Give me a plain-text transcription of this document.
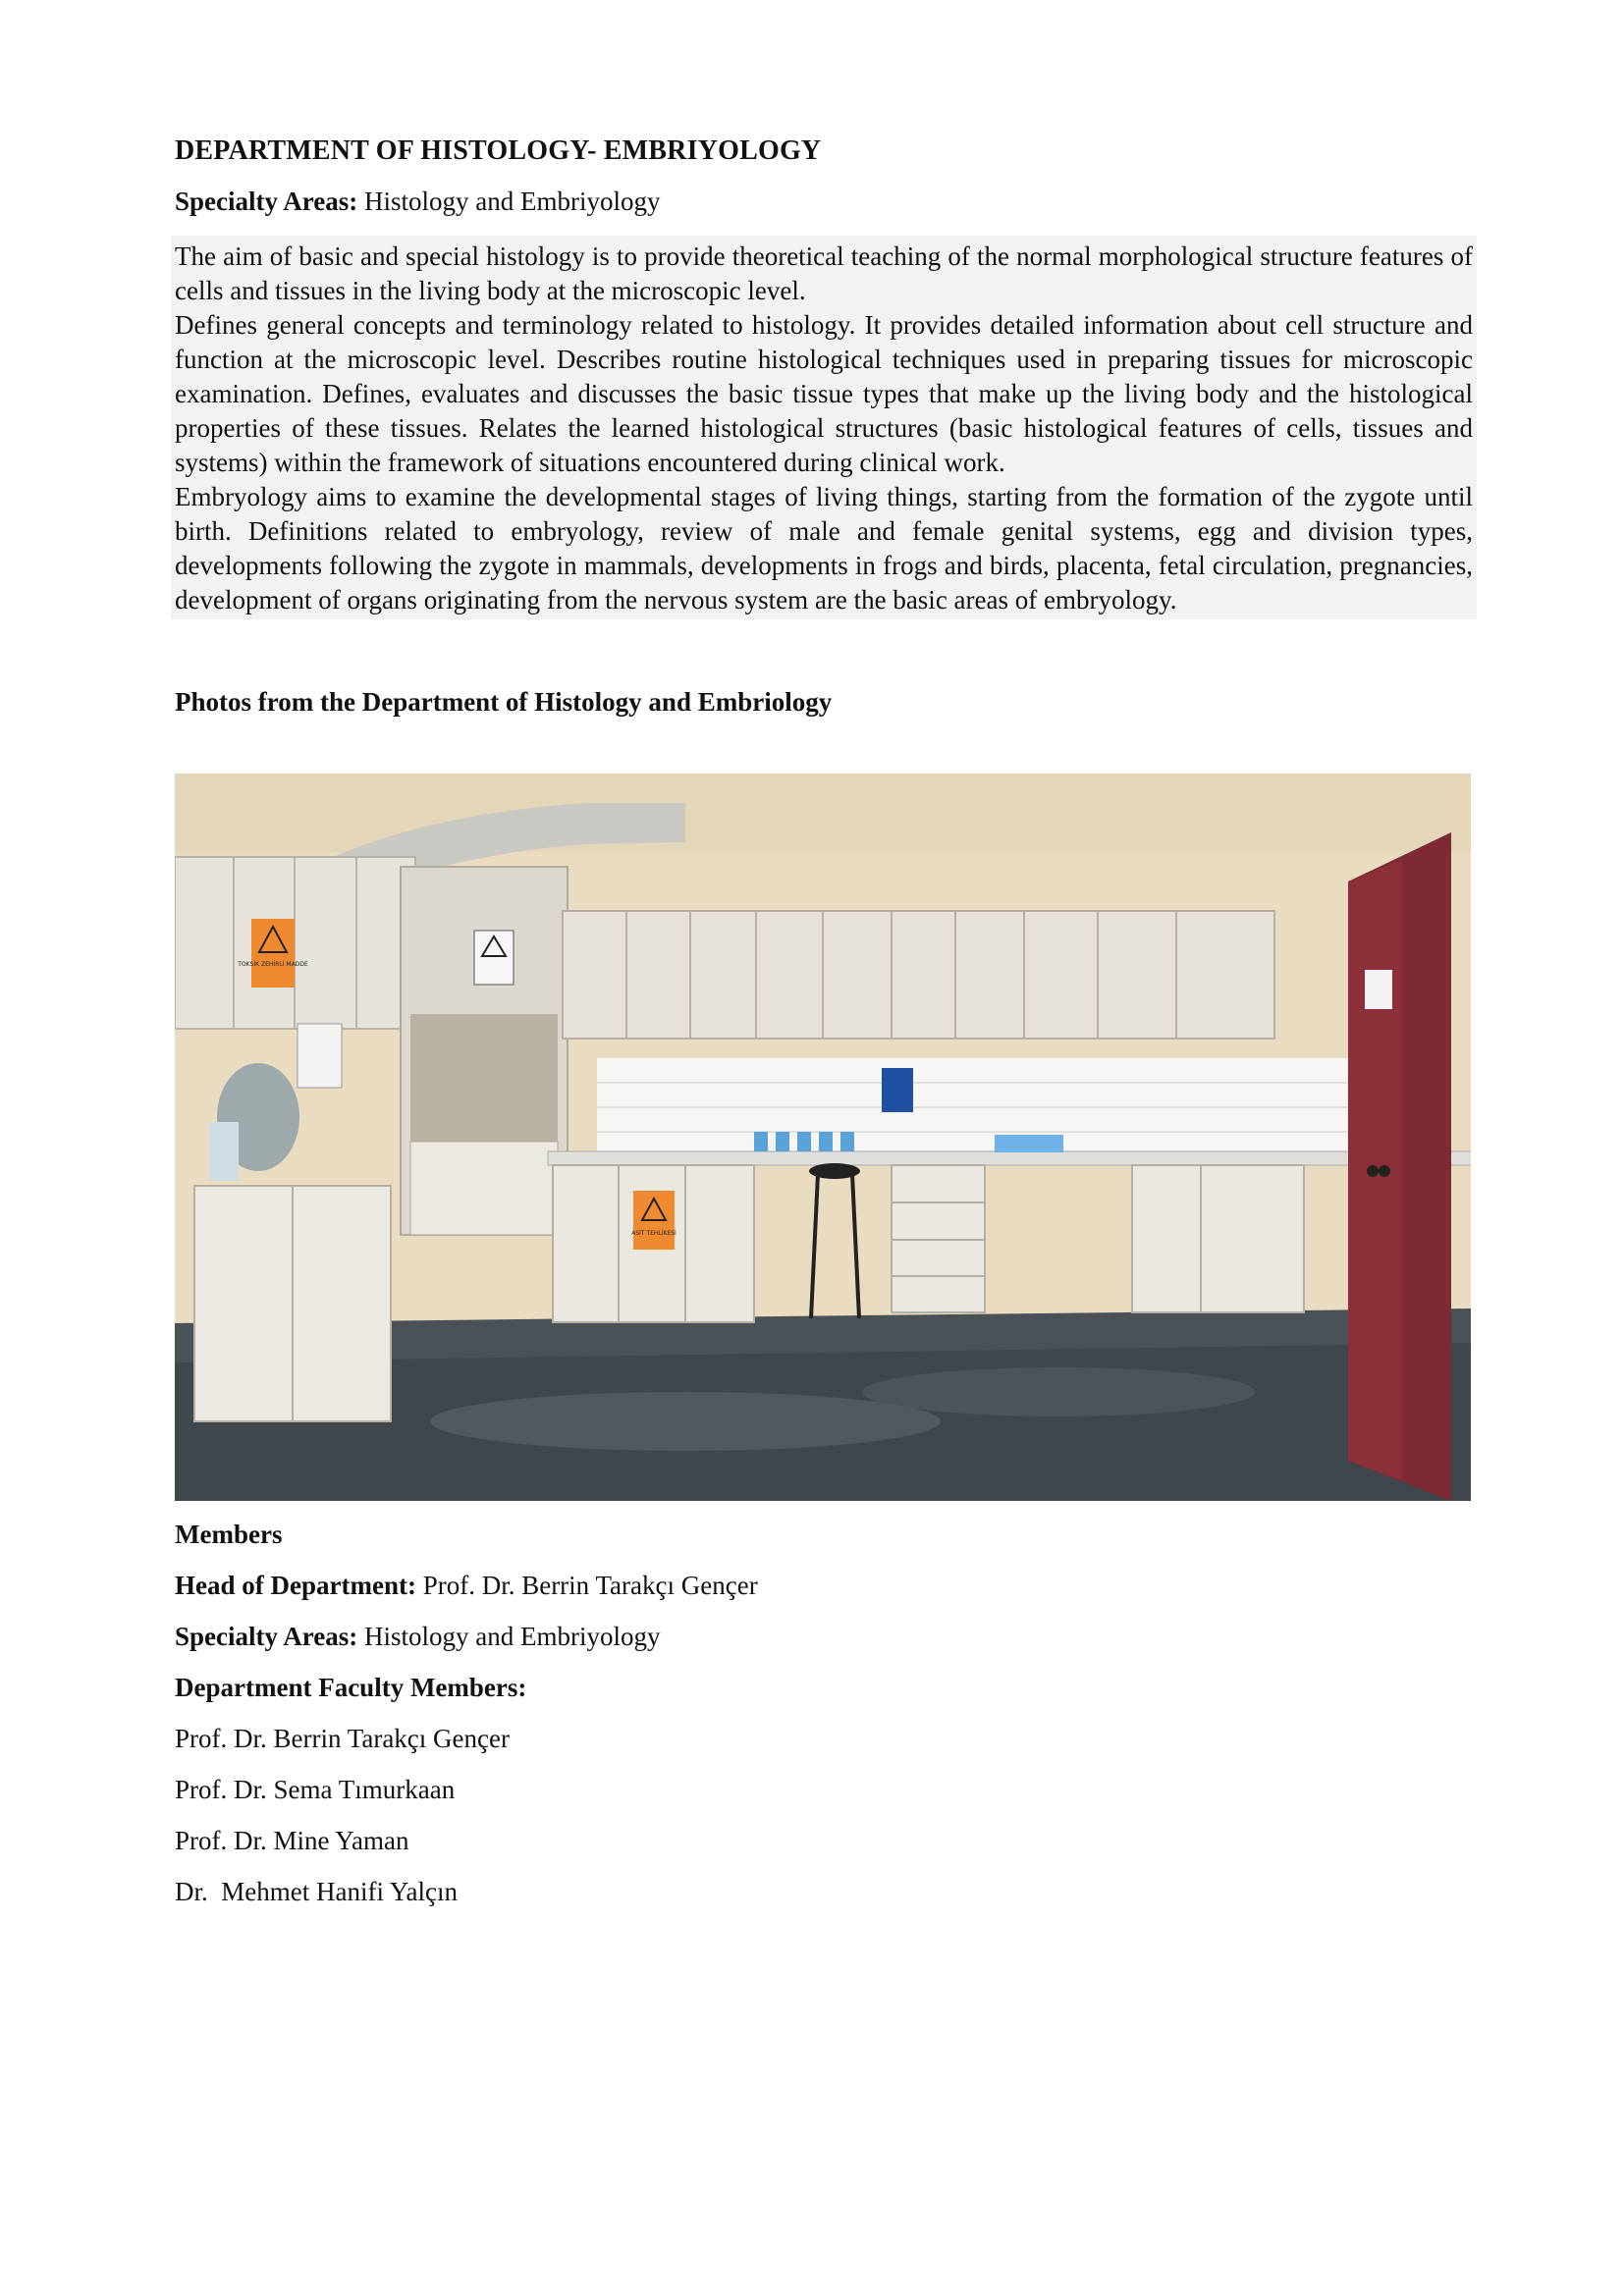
DEPARTMENT OF HISTOLOGY- EMBRIYOLOGY
Specialty Areas: Histology and Embriyology

The aim of basic and special histology is to provide theoretical teaching of the normal morphological structure features of cells and tissues in the living body at the microscopic level.

Defines general concepts and terminology related to histology. It provides detailed information about cell structure and function at the microscopic level. Describes routine histological techniques used in preparing tissues for microscopic examination. Defines, evaluates and discusses the basic tissue types that make up the living body and the histological properties of these tissues. Relates the learned histological structures (basic histological features of cells, tissues and systems) within the framework of situations encountered during clinical work.

Embryology aims to examine the developmental stages of living things, starting from the formation of the zygote until birth. Definitions related to embryology, review of male and female genital systems, egg and division types, developments following the zygote in mammals, developments in frogs and birds, placenta, fetal circulation, pregnancies, development of organs originating from the nervous system are the basic areas of embryology.

Photos from the Department of Histology and Embriology
TOKSİK ZEHİRLİ MADDE
ASİT TEHLİKESİ
Members
Head of Department: Prof. Dr. Berrin Tarakçı Gençer
Specialty Areas: Histology and Embriyology
Department Faculty Members:
Prof. Dr. Berrin Tarakçı Gençer
Prof. Dr. Sema Tımurkaan
Prof. Dr. Mine Yaman
Dr.  Mehmet Hanifi Yalçın
